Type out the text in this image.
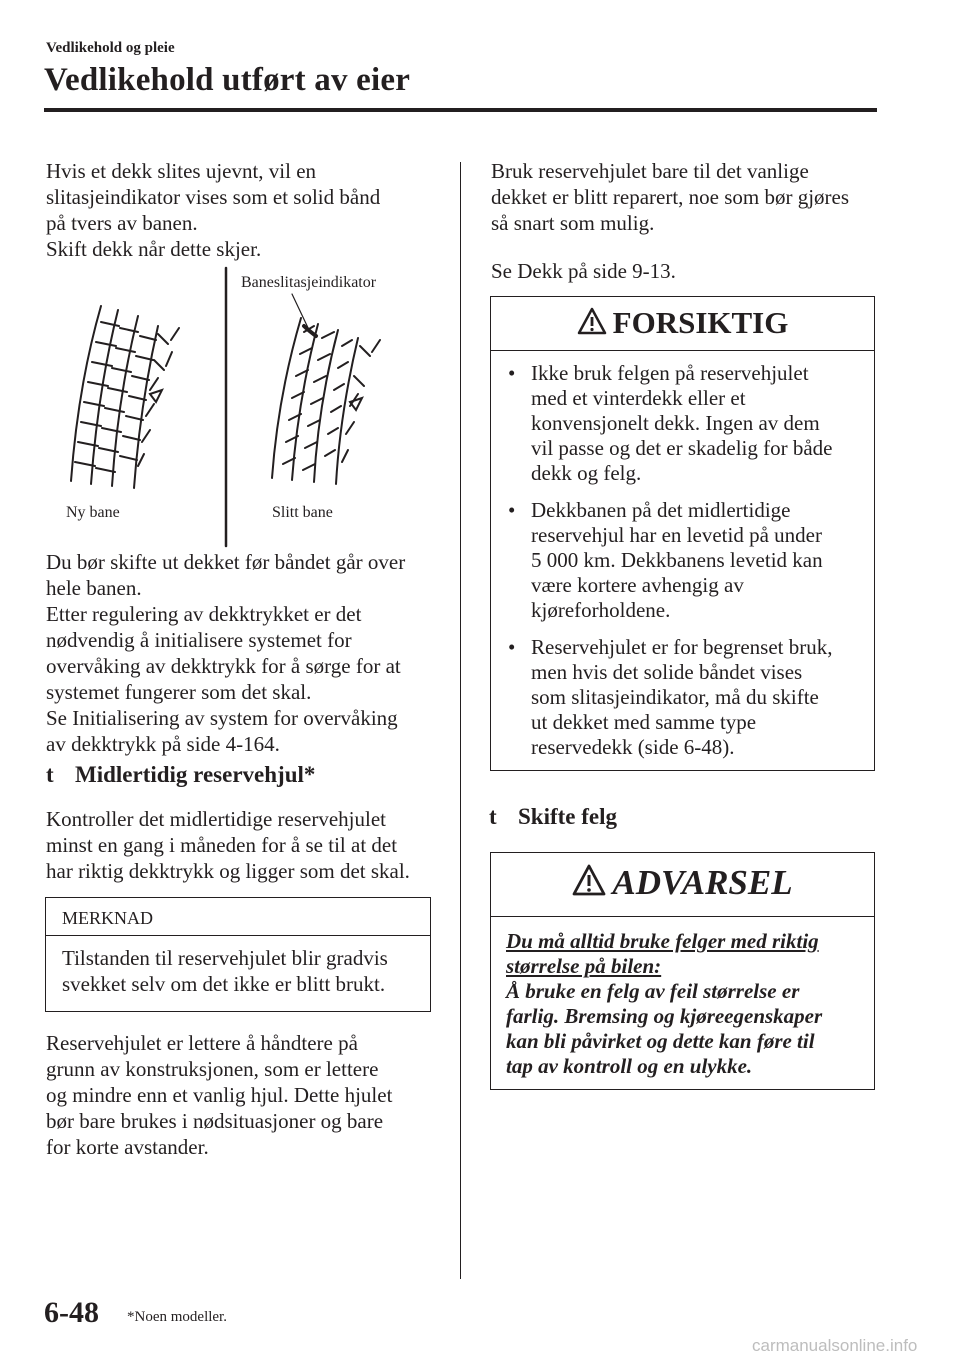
Vedlikehold og pleie
Vedlikehold utført av eier

Hvis et dekk slites ujevnt, vil en

slitasjeindikator vises som et solid bånd

på tvers av banen.

Skift dekk når dette skjer.

Baneslitasjeindikator
Ny bane	Slitt bane

Du bør skifte ut dekket før båndet går over

hele banen.

Etter regulering av dekktrykket er det

nødvendig å initialisere systemet for

overvåking av dekktrykk for å sørge for at

systemet fungerer som det skal.

Se Initialisering av system for overvåking

av dekktrykk på side 4-164.

t Midlertidig reservehjul*

Kontroller det midlertidige reservehjulet

minst en gang i måneden for å se til at det

har riktig dekktrykk og ligger som det skal.

MERKNAD
Tilstanden til reservehjulet blir gradvis
svekket selv om det ikke er blitt brukt.

Reservehjulet er lettere å håndtere på

grunn av konstruksjonen, som er lettere

og mindre enn et vanlig hjul. Dette hjulet

bør bare brukes i nødsituasjoner og bare

for korte avstander.

Bruk reservehjulet bare til det vanlige

dekket er blitt reparert, noe som bør gjøres

så snart som mulig.

Se Dekk på side 9-13.
FORSIKTIG
• Ikke bruk felgen på reservehjulet
med et vinterdekk eller et
konvensjonelt dekk. Ingen av dem
vil passe og det er skadelig for både
dekk og felg.
• Dekkbanen på det midlertidige
reservehjul har en levetid på under
5 000 km. Dekkbanens levetid kan
være kortere avhengig av
kjøreforholdene.
• Reservehjulet er for begrenset bruk,
men hvis det solide båndet vises
som slitasjeindikator, må du skifte
ut dekket med samme type
reservedekk (side 6-48).
t Skifte felg
ADVARSEL
Du må alltid bruke felger med riktig
størrelse på bilen:
Å bruke en felg av feil størrelse er
farlig. Bremsing og kjøreegenskaper
kan bli påvirket og dette kan føre til
tap av kontroll og en ulykke.
6-48 *Noen modeller.
carmanualsonline.info
